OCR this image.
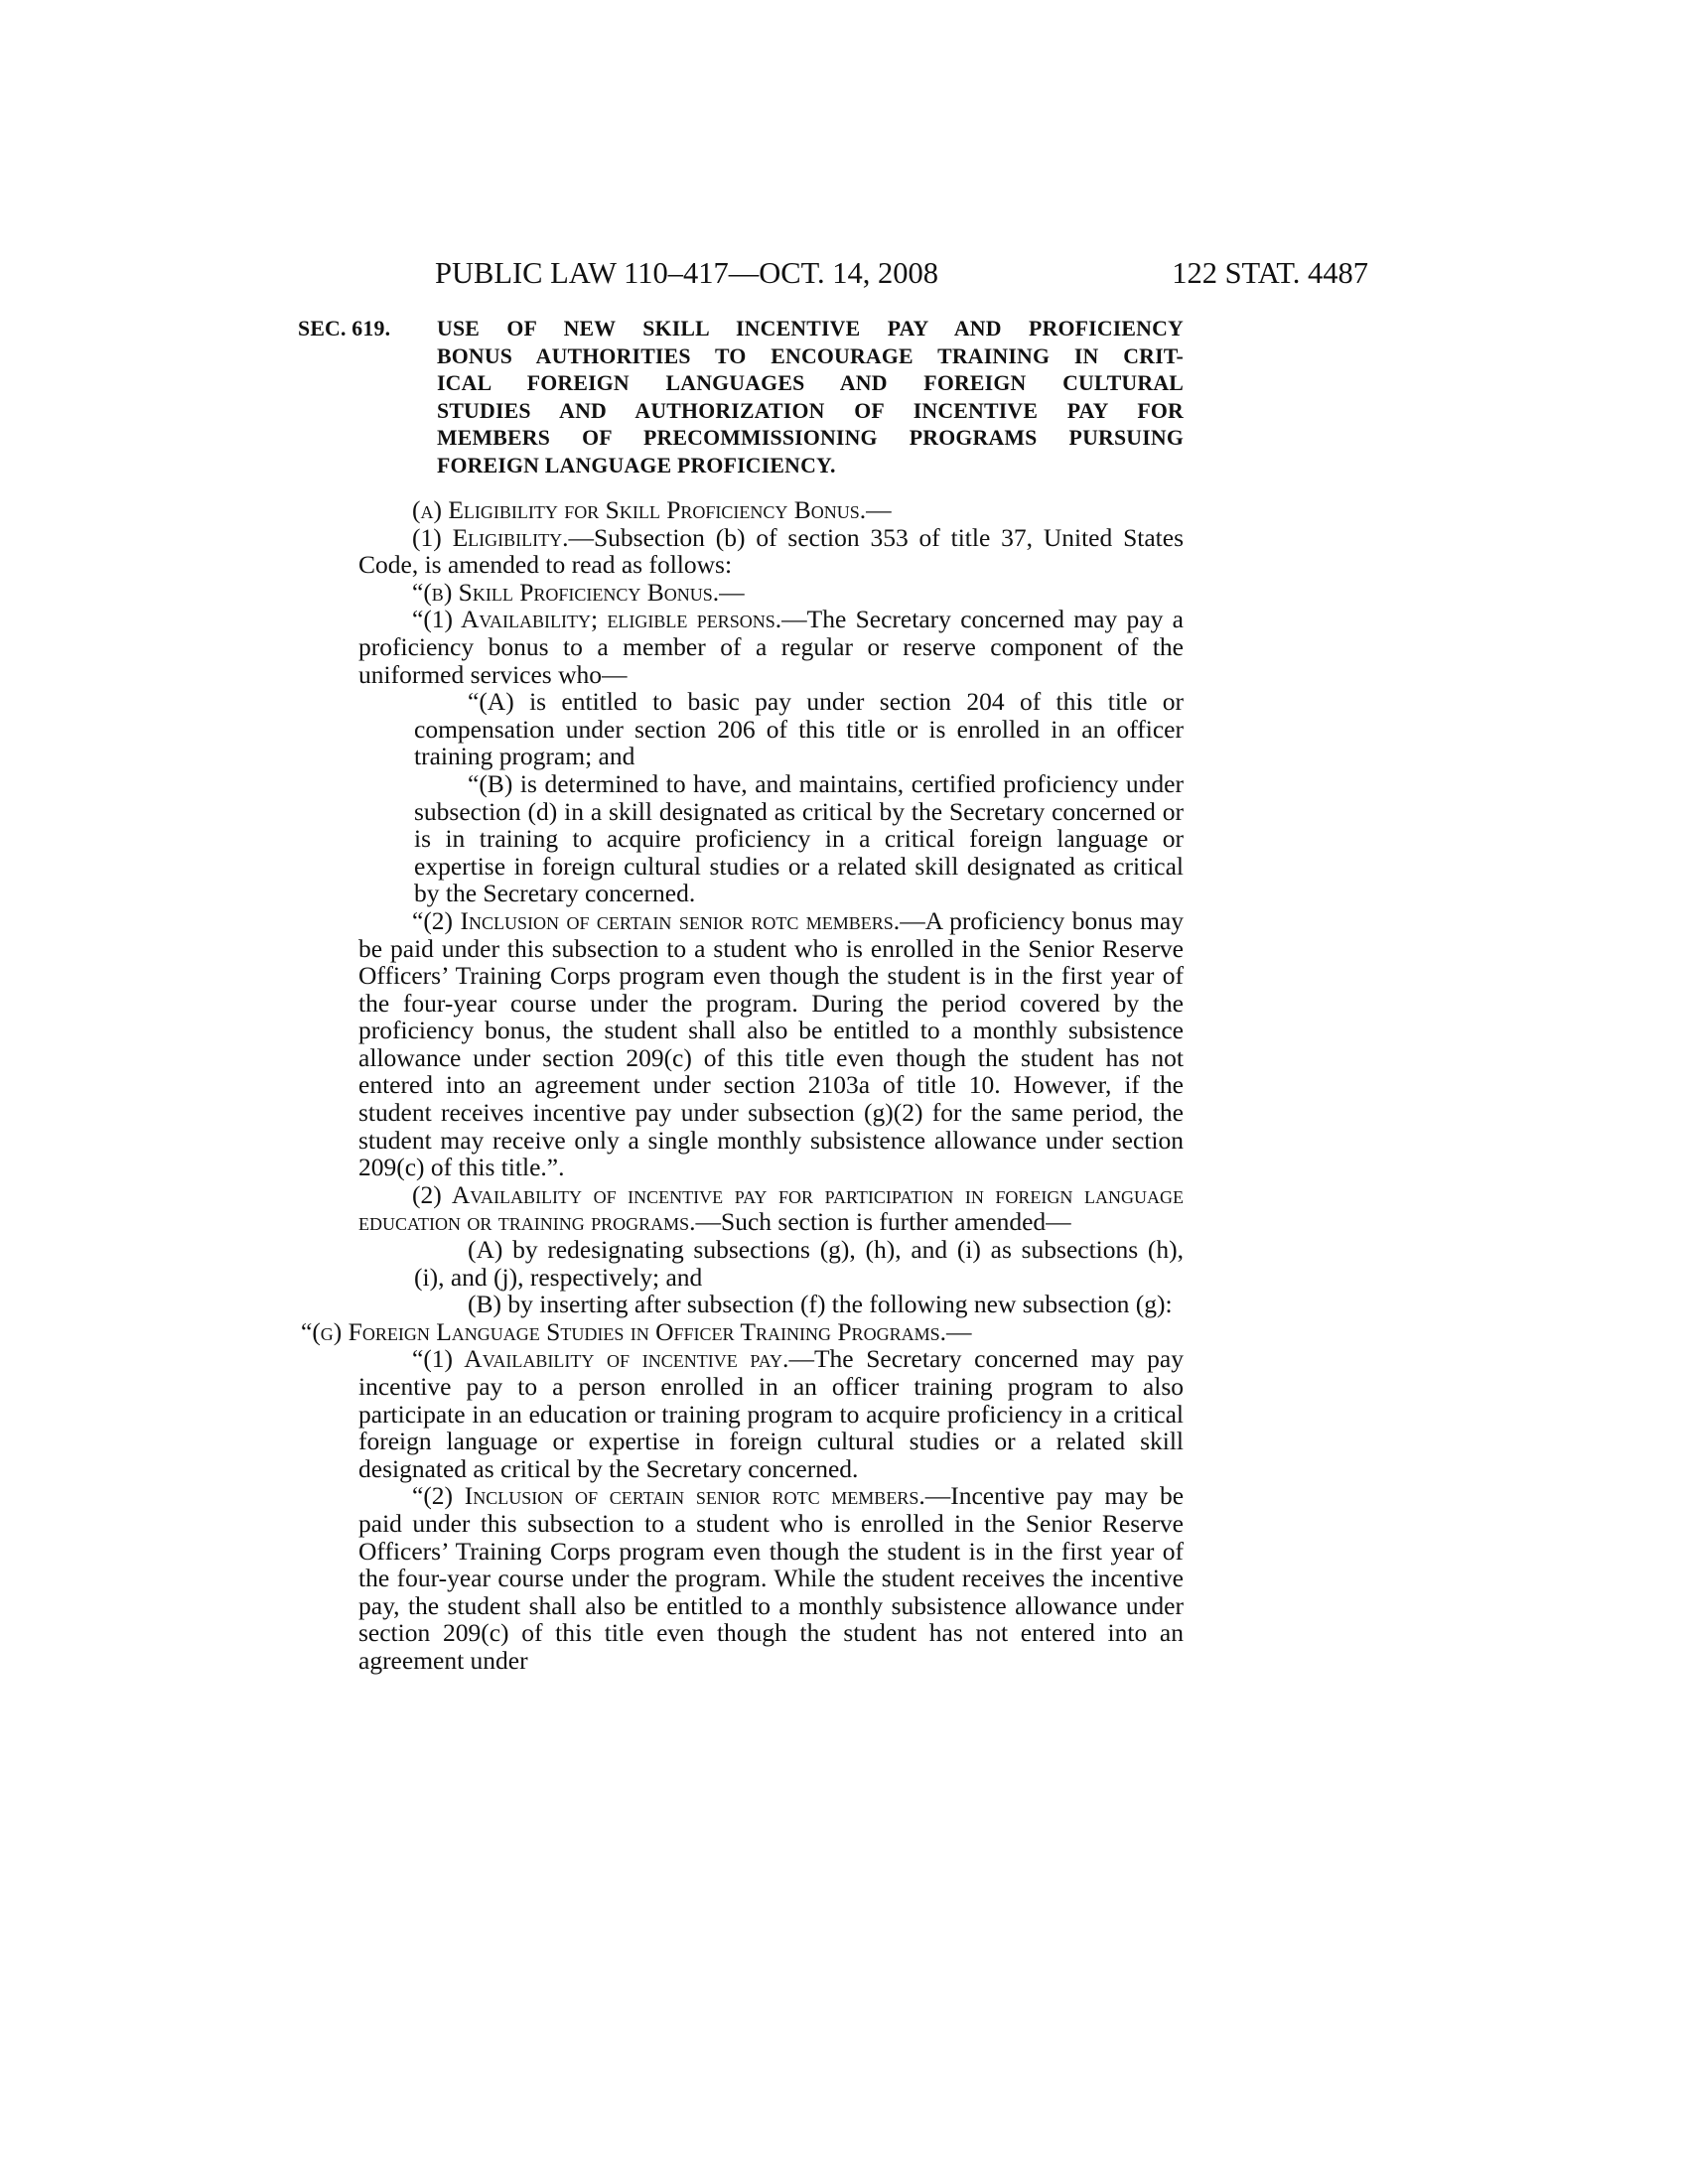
PUBLIC LAW 110–417—OCT. 14, 2008	122 STAT. 4487
SEC. 619. USE OF NEW SKILL INCENTIVE PAY AND PROFICIENCY
BONUS AUTHORITIES TO ENCOURAGE TRAINING IN CRIT-
ICAL FOREIGN LANGUAGES AND FOREIGN CULTURAL
STUDIES AND AUTHORIZATION OF INCENTIVE PAY FOR
MEMBERS OF PRECOMMISSIONING PROGRAMS PURSUING
FOREIGN LANGUAGE PROFICIENCY.

(a) Eligibility for Skill Proficiency Bonus.—

(1) Eligibility.—Subsection (b) of section 353 of title 37, United States Code, is amended to read as follows:

“(b) Skill Proficiency Bonus.—

“(1) Availability; eligible persons.—The Secretary concerned may pay a proficiency bonus to a member of a regular or reserve component of the uniformed services who—

“(A) is entitled to basic pay under section 204 of this title or compensation under section 206 of this title or is enrolled in an officer training program; and

“(B) is determined to have, and maintains, certified proficiency under subsection (d) in a skill designated as critical by the Secretary concerned or is in training to acquire proficiency in a critical foreign language or expertise in foreign cultural studies or a related skill designated as critical by the Secretary concerned.

“(2) Inclusion of certain senior rotc members.—A proficiency bonus may be paid under this subsection to a student who is enrolled in the Senior Reserve Officers’ Training Corps program even though the student is in the first year of the four-year course under the program. During the period covered by the proficiency bonus, the student shall also be entitled to a monthly subsistence allowance under section 209(c) of this title even though the student has not entered into an agreement under section 2103a of title 10. However, if the student receives incentive pay under subsection (g)(2) for the same period, the student may receive only a single monthly subsistence allowance under section 209(c) of this title.”.

(2) Availability of incentive pay for participation in foreign language education or training programs.—Such section is further amended—

(A) by redesignating subsections (g), (h), and (i) as subsections (h), (i), and (j), respectively; and

(B) by inserting after subsection (f) the following new subsection (g):

“(g) Foreign Language Studies in Officer Training Programs.—

“(1) Availability of incentive pay.—The Secretary concerned may pay incentive pay to a person enrolled in an officer training program to also participate in an education or training program to acquire proficiency in a critical foreign language or expertise in foreign cultural studies or a related skill designated as critical by the Secretary concerned.

“(2) Inclusion of certain senior rotc members.—Incentive pay may be paid under this subsection to a student who is enrolled in the Senior Reserve Officers’ Training Corps program even though the student is in the first year of the four-year course under the program. While the student receives the incentive pay, the student shall also be entitled to a monthly subsistence allowance under section 209(c) of this title even though the student has not entered into an agreement under
